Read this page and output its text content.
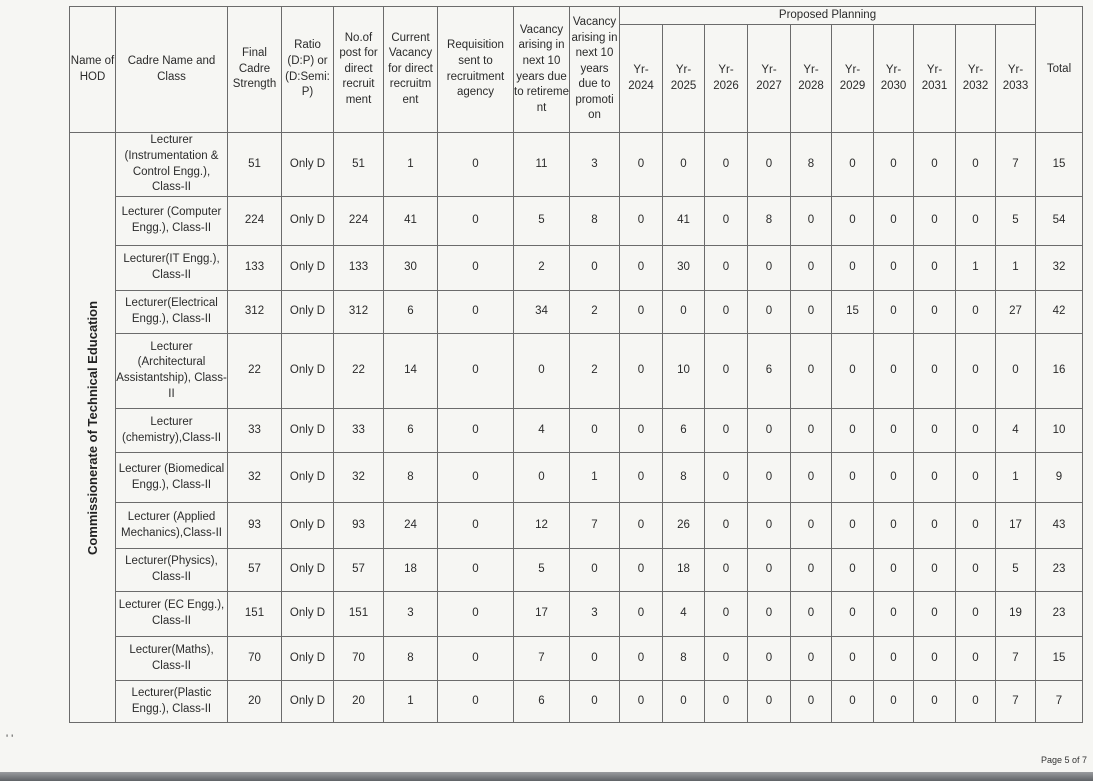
Name of HOD	Cadre Name and Class	Final Cadre Strength	Ratio (D:P) or (D:Semi: P)	No.of post for direct recruit ment	Current Vacancy for direct recruitm ent	Requisition sent to recruitment agency	Vacancy arising in next 10 years due to retireme nt	Vacancy arising in next 10 years due to promoti on	Proposed Planning										Total
									Yr- 2024	Yr- 2025	Yr- 2026	Yr- 2027	Yr- 2028	Yr- 2029	Yr- 2030	Yr- 2031	Yr- 2032	Yr- 2033	

Commissionerate of Technical Education	Lecturer (Instrumentation & Control Engg.), Class-II	51	Only D	51	1	0	11	3	0	0	0	0	8	0	0	0	0	7	15
	Lecturer (Computer Engg.), Class-II	224	Only D	224	41	0	5	8	0	41	0	8	0	0	0	0	0	5	54
	Lecturer(IT Engg.), Class-II	133	Only D	133	30	0	2	0	0	30	0	0	0	0	0	0	1	1	32
	Lecturer(Electrical Engg.), Class-II	312	Only D	312	6	0	34	2	0	0	0	0	0	15	0	0	0	27	42
	Lecturer (Architectural Assistantship), Class-II	22	Only D	22	14	0	0	2	0	10	0	6	0	0	0	0	0	0	16
	Lecturer (chemistry),Class-II	33	Only D	33	6	0	4	0	0	6	0	0	0	0	0	0	0	4	10
	Lecturer (Biomedical Engg.), Class-II	32	Only D	32	8	0	0	1	0	8	0	0	0	0	0	0	0	1	9
	Lecturer (Applied Mechanics),Class-II	93	Only D	93	24	0	12	7	0	26	0	0	0	0	0	0	0	17	43
	Lecturer(Physics), Class-II	57	Only D	57	18	0	5	0	0	18	0	0	0	0	0	0	0	5	23
	Lecturer (EC Engg.), Class-II	151	Only D	151	3	0	17	3	0	4	0	0	0	0	0	0	0	19	23
	Lecturer(Maths), Class-II	70	Only D	70	8	0	7	0	0	8	0	0	0	0	0	0	0	7	15
	Lecturer(Plastic Engg.), Class-II	20	Only D	20	1	0	6	0	0	0	0	0	0	0	0	0	0	7	7
' '
Page 5 of 7
